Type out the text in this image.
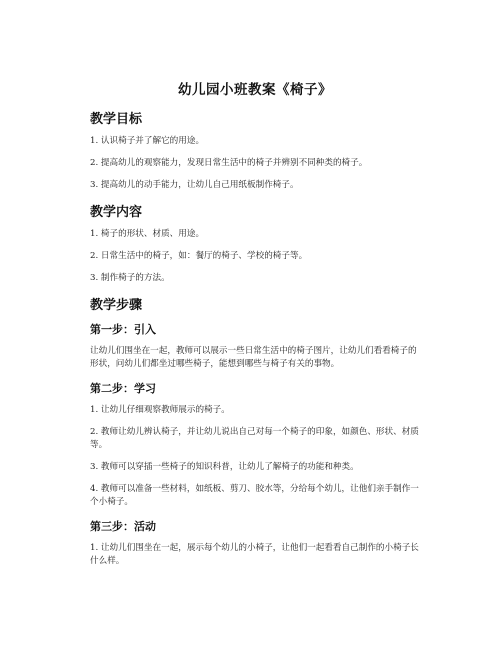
幼儿园小班教案《椅子》
教学目标

1. 认识椅子并了解它的用途。

2. 提高幼儿的观察能力，发现日常生活中的椅子并辨别不同种类的椅子。

3. 提高幼儿的动手能力，让幼儿自己用纸板制作椅子。

教学内容

1. 椅子的形状、材质、用途。

2. 日常生活中的椅子，如：餐厅的椅子、学校的椅子等。

3. 制作椅子的方法。

教学步骤
第一步：引入

让幼儿们围坐在一起，教师可以展示一些日常生活中的椅子图片，让幼儿们看看椅子的形状，问幼儿们都坐过哪些椅子，能想到哪些与椅子有关的事物。

第二步：学习

1. 让幼儿仔细观察教师展示的椅子。

2. 教师让幼儿辨认椅子，并让幼儿说出自己对每一个椅子的印象，如颜色、形状、材质等。

3. 教师可以穿插一些椅子的知识科普，让幼儿了解椅子的功能和种类。

4. 教师可以准备一些材料，如纸板、剪刀、胶水等，分给每个幼儿，让他们亲手制作一个小椅子。

第三步：活动

1. 让幼儿们围坐在一起，展示每个幼儿的小椅子，让他们一起看看自己制作的小椅子长什么样。
